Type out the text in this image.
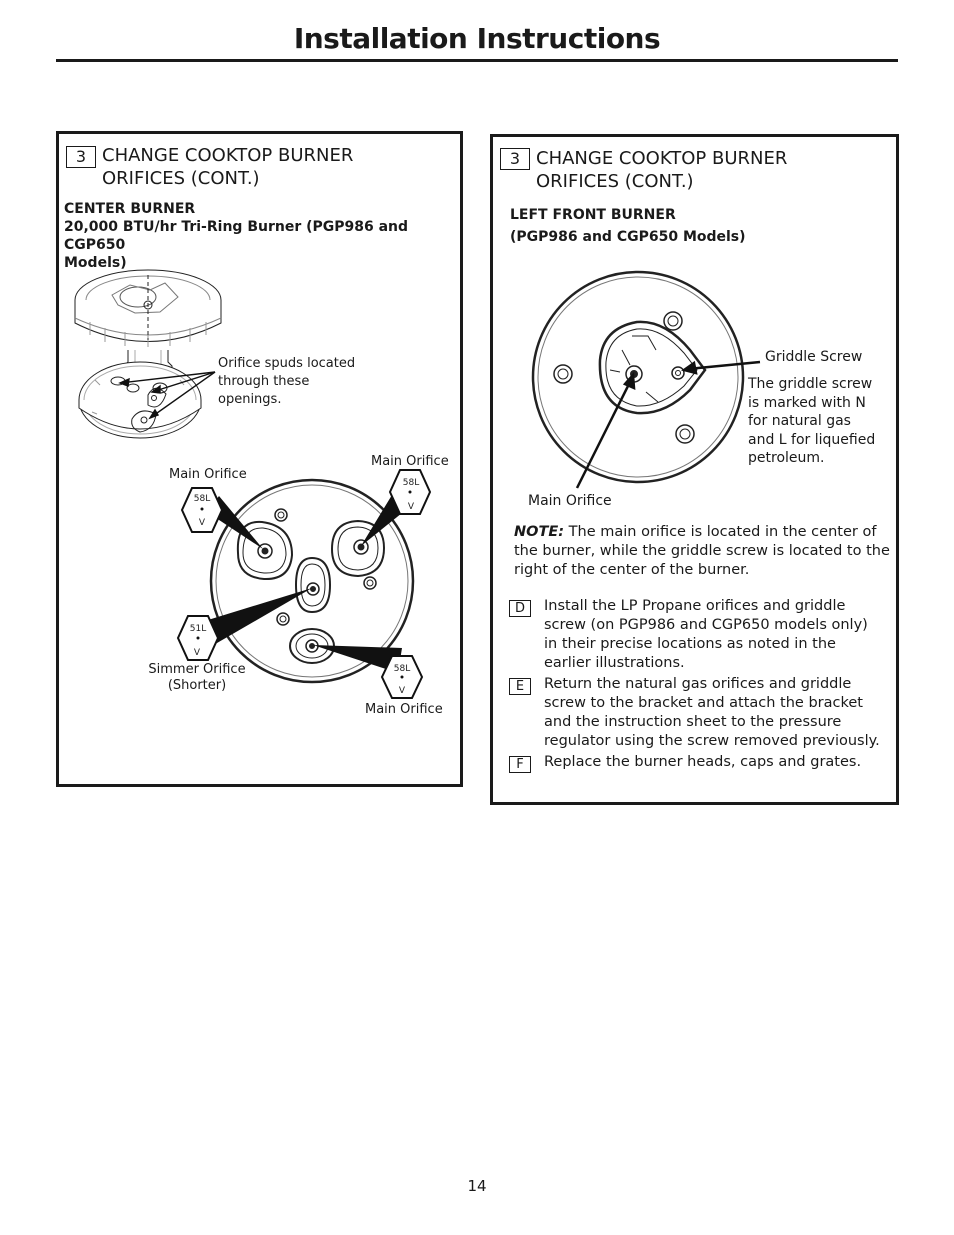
Installation Instructions
3 CHANGE COOKTOP BURNER
ORIFICES (CONT.)
CENTER BURNER
20,000 BTU/hr Tri-Ring Burner (PGP986 and CGP650
Models)
Orifice spuds located
through these
openings.
58L
V
58L
V
51L
V
58L
V
Main Orifice
Main Orifice
Simmer Orifice
(Shorter)
Main Orifice
3 CHANGE COOKTOP BURNER
ORIFICES (CONT.)
LEFT FRONT BURNER
(PGP986 and CGP650 Models)
Griddle Screw
The griddle screw
is marked with N
for natural gas
and L for liquefied
petroleum.
Main Orifice
NOTE: The main orifice is located in the center of
the burner, while the griddle screw is located to the
right of the center of the burner.
D	Install the LP Propane orifices and griddle
screw (on PGP986 and CGP650 models only)
in their precise locations as noted in the
earlier illustrations.
E	Return the natural gas orifices and griddle
screw to the bracket and attach the bracket
and the instruction sheet to the pressure
regulator using the screw removed previously.
F	Replace the burner heads, caps and grates.
14
